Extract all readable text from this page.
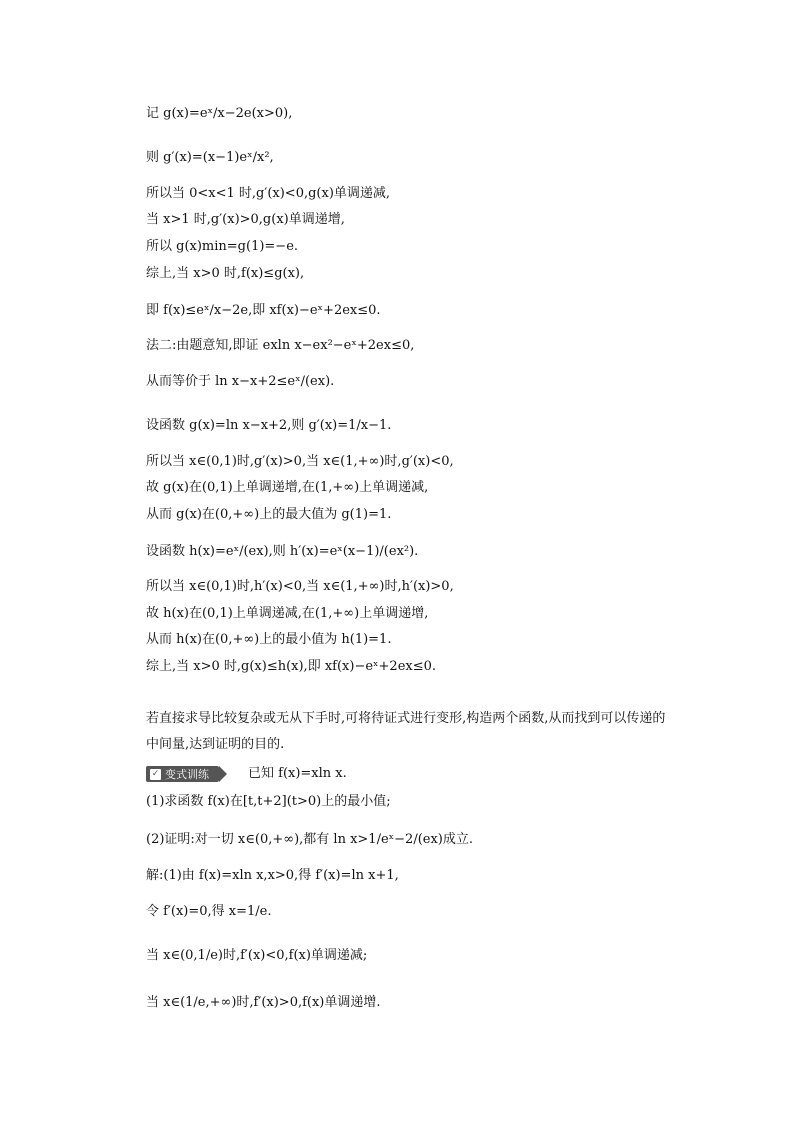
记 g(x)=eˣ/x−2e(x>0),
则 g′(x)=(x−1)eˣ/x²,
所以当 0<x<1 时,g′(x)<0,g(x)单调递减,
当 x>1 时,g′(x)>0,g(x)单调递增,
所以 g(x)min=g(1)=−e.
综上,当 x>0 时,f(x)≤g(x),
即 f(x)≤eˣ/x−2e,即 xf(x)−eˣ+2ex≤0.
法二:由题意知,即证 exln x−ex²−eˣ+2ex≤0,
从而等价于 ln x−x+2≤eˣ/(ex).
设函数 g(x)=ln x−x+2,则 g′(x)=1/x−1.
所以当 x∈(0,1)时,g′(x)>0,当 x∈(1,+∞)时,g′(x)<0,
故 g(x)在(0,1)上单调递增,在(1,+∞)上单调递减,
从而 g(x)在(0,+∞)上的最大值为 g(1)=1.
设函数 h(x)=eˣ/(ex),则 h′(x)=eˣ(x−1)/(ex²).
所以当 x∈(0,1)时,h′(x)<0,当 x∈(1,+∞)时,h′(x)>0,
故 h(x)在(0,1)上单调递减,在(1,+∞)上单调递增,
从而 h(x)在(0,+∞)上的最小值为 h(1)=1.
综上,当 x>0 时,g(x)≤h(x),即 xf(x)−eˣ+2ex≤0.
若直接求导比较复杂或无从下手时,可将待证式进行变形,构造两个函数,从而找到可以传递的中间量,达到证明的目的.
✓ 变式训练	已知 f(x)=xln x.
(1)求函数 f(x)在[t,t+2](t>0)上的最小值;
(2)证明:对一切 x∈(0,+∞),都有 ln x>1/eˣ−2/(ex)成立.
解:(1)由 f(x)=xln x,x>0,得 f′(x)=ln x+1,
令 f′(x)=0,得 x=1/e.
当 x∈(0,1/e)时,f′(x)<0,f(x)单调递减;
当 x∈(1/e,+∞)时,f′(x)>0,f(x)单调递增.
